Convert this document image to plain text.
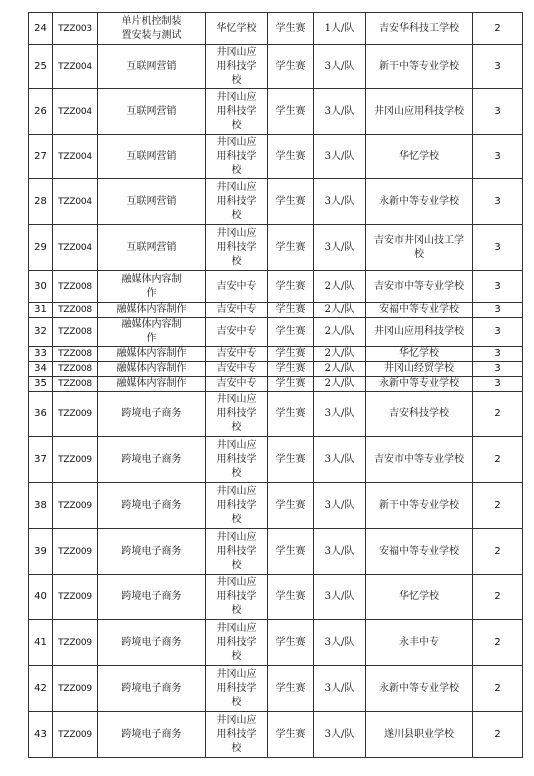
24	TZZ003	单片机控制装
置安装与测试	华忆学校	学生赛	1人/队	吉安华科技工学校	2
25	TZZ004	互联网营销	井冈山应
用科技学
校	学生赛	3人/队	新干中等专业学校	3
26	TZZ004	互联网营销	井冈山应
用科技学
校	学生赛	3人/队	井冈山应用科技学校	3
27	TZZ004	互联网营销	井冈山应
用科技学
校	学生赛	3人/队	华忆学校	3
28	TZZ004	互联网营销	井冈山应
用科技学
校	学生赛	3人/队	永新中等专业学校	3
29	TZZ004	互联网营销	井冈山应
用科技学
校	学生赛	3人/队	吉安市井冈山技工学
校	3
30	TZZ008	融媒体内容制
作	吉安中专	学生赛	2人/队	吉安市中等专业学校	3
31	TZZ008	融媒体内容制作	吉安中专	学生赛	2人/队	安福中等专业学校	3
32	TZZ008	融媒体内容制
作	吉安中专	学生赛	2人/队	井冈山应用科技学校	3
33	TZZ008	融媒体内容制作	吉安中专	学生赛	2人/队	华忆学校	3
34	TZZ008	融媒体内容制作	吉安中专	学生赛	2人/队	井冈山经贸学校	3
35	TZZ008	融媒体内容制作	吉安中专	学生赛	2人/队	永新中等专业学校	3
36	TZZ009	跨境电子商务	井冈山应
用科技学
校	学生赛	3人/队	吉安科技学校	2
37	TZZ009	跨境电子商务	井冈山应
用科技学
校	学生赛	3人/队	吉安市中等专业学校	2
38	TZZ009	跨境电子商务	井冈山应
用科技学
校	学生赛	3人/队	新干中等专业学校	2
39	TZZ009	跨境电子商务	井冈山应
用科技学
校	学生赛	3人/队	安福中等专业学校	2
40	TZZ009	跨境电子商务	井冈山应
用科技学
校	学生赛	3人/队	华忆学校	2
41	TZZ009	跨境电子商务	井冈山应
用科技学
校	学生赛	3人/队	永丰中专	2
42	TZZ009	跨境电子商务	井冈山应
用科技学
校	学生赛	3人/队	永新中等专业学校	2
43	TZZ009	跨境电子商务	井冈山应
用科技学
校	学生赛	3人/队	遂川县职业学校	2
